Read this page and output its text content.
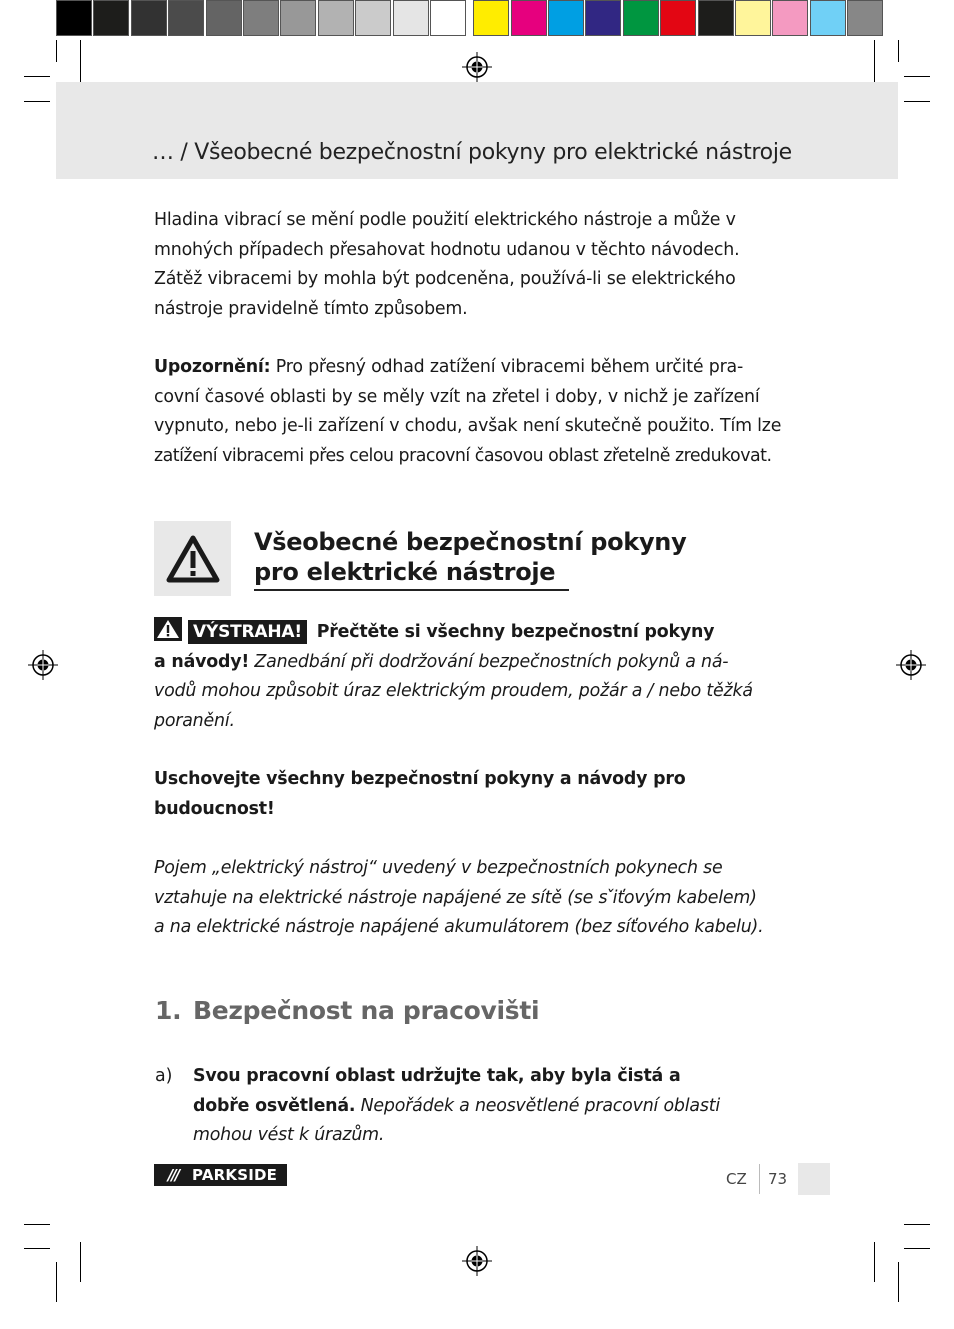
… / Všeobecné bezpečnostní pokyny pro elektrické nástroje
Hladina vibrací se mění podle použití elektrického nástroje a může v
mnohých případech přesahovat hodnotu udanou v těchto návodech.
Zátěž vibracemi by mohla být podceněna, používá-li se elektrického
nástroje pravidelně tímto způsobem.
Upozornění: Pro přesný odhad zatížení vibracemi během určité pra-
covní časové oblasti by se měly vzít na zřetel i doby, v nichž je zařízení
vypnuto, nebo je-li zařízení v chodu, avšak není skutečně použito. Tím lze
zatížení vibracemi přes celou pracovní časovou oblast zřetelně zredukovat.
Všeobecné bezpečnostní pokyny
pro elektrické nástroje
VÝSTRAHA! Přečtěte si všechny bezpečnostní pokyny
a návody! Zanedbání při dodržování bezpečnostních pokynů a ná-
vodů mohou způsobit úraz elektrickým proudem, požár a / nebo těžká
poranění.
Uschovejte všechny bezpečnostní pokyny a návody pro
budoucnost!
Pojem „elektrický nástroj“ uvedený v bezpečnostních pokynech se
vztahuje na elektrické nástroje napájené ze sítě (se s ̌iťovým kabelem)
a na elektrické nástroje napájené akumulátorem (bez síťového kabelu).
1. Bezpečnost na pracovišti
a) Svou pracovní oblast udržujte tak, aby byla čistá a
dobře osvětlená. Nepořádek a neosvětlené pracovní oblasti
mohou vést k úrazům.
/// PARKSIDE	CZ 73
